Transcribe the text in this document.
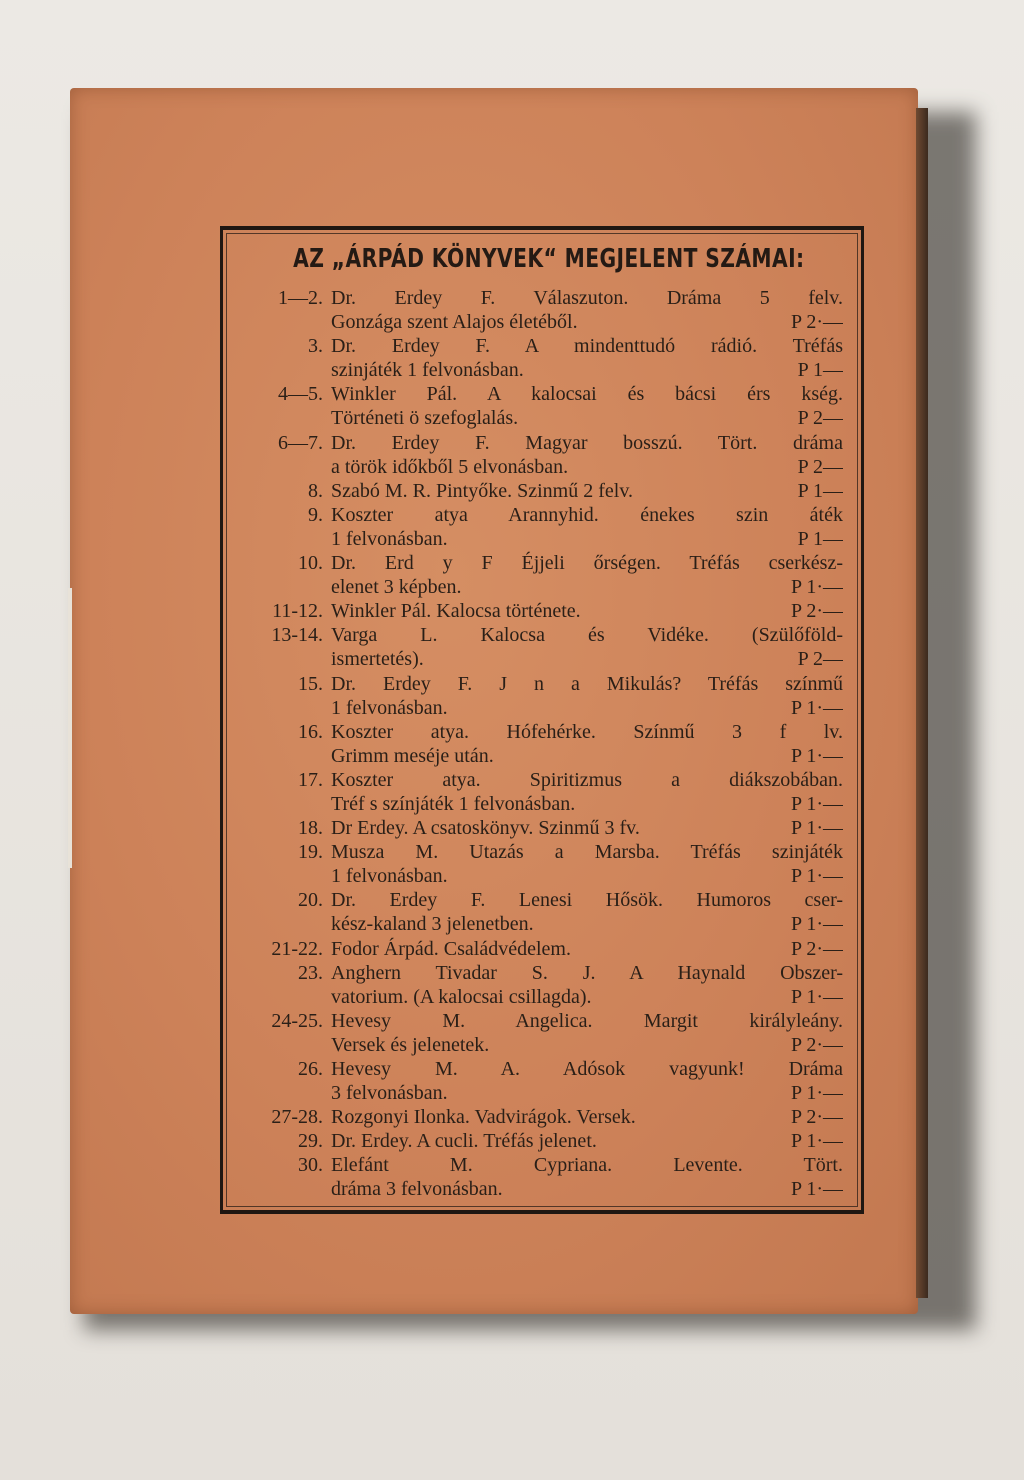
AZ „ÁRPÁD KÖNYVEK“ MEGJELENT SZÁMAI:
1—2. Dr. Erdey F. Válaszuton. Dráma 5 felv.
Gonzága szent Alajos életéből.	P 2·—
3. Dr. Erdey F. A mindenttudó rádió. Tréfás
szinjáték 1 felvonásban.	P 1—
4—5. Winkler Pál. A kalocsai és bácsi érs kség.
Történeti ö szefoglalás.	P 2—
6—7. Dr. Erdey F. Magyar bosszú. Tört. dráma
a török időkből 5 elvonásban.	P 2—
8. Szabó M. R. Pintyőke. Szinmű 2 felv.	P 1—
9. Koszter atya Arannyhid. énekes szin áték
1 felvonásban.	P 1—
10. Dr. Erd y F Éjjeli őrségen. Tréfás cserkész-
elenet 3 képben.	P 1·—
11-12. Winkler Pál. Kalocsa története.	P 2·—
13-14. Varga L. Kalocsa és Vidéke. (Szülőföld-
ismertetés).	P 2—
15. Dr. Erdey F. J n a Mikulás? Tréfás színmű
1 felvonásban.	P 1·—
16. Koszter atya. Hófehérke. Színmű 3 f lv.
Grimm meséje után.	P 1·—
17. Koszter atya. Spiritizmus a diákszobában.
Tréf s színjáték 1 felvonásban.	P 1·—
18. Dr Erdey. A csatoskönyv. Szinmű 3 fv.	P 1·—
19. Musza M. Utazás a Marsba. Tréfás szinjáték
1 felvonásban.	P 1·—
20. Dr. Erdey F. Lenesi Hősök. Humoros cser-
kész-kaland 3 jelenetben.	P 1·—
21-22. Fodor Árpád. Családvédelem.	P 2·—
23. Anghern Tivadar S. J. A Haynald Obszer-
vatorium. (A kalocsai csillagda).	P 1·—
24-25. Hevesy M. Angelica. Margit királyleány.
Versek és jelenetek.	P 2·—
26. Hevesy M. A. Adósok vagyunk! Dráma
3 felvonásban.	P 1·—
27-28. Rozgonyi Ilonka. Vadvirágok. Versek.	P 2·—
29. Dr. Erdey. A cucli. Tréfás jelenet.	P 1·—
30. Elefánt M. Cypriana. Levente. Tört.
dráma 3 felvonásban.	P 1·—
